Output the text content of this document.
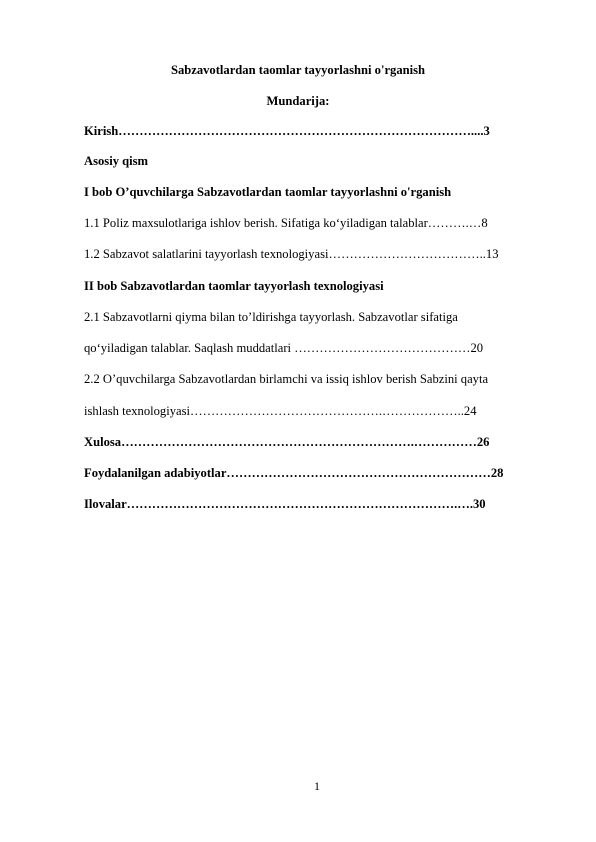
Sabzavotlardan taomlar tayyorlashni o'rganish
Mundarija:
Kirish…………………………………………………………………………....3
Asosiy qism
I bob O’quvchilarga Sabzavotlardan taomlar tayyorlashni o'rganish
1.1 Poliz maxsulotlariga ishlov berish. Sifatiga ko‘yiladigan talablar……….…8
1.2 Sabzavot salatlarini tayyorlash texnologiyasi………………………………..13
II bob Sabzavotlardan taomlar tayyorlash texnologiyasi
2.1 Sabzavotlarni qiyma bilan to’ldirishga tayyorlash. Sabzavotlar sifatiga
qo‘yiladigan talablar. Saqlash muddatlari ……………………………………20
2.2 O’quvchilarga Sabzavotlardan birlamchi va issiq ishlov berish Sabzini qayta
ishlash texnologiyasi……………………………………….………………..24
Xulosa…………………………………………………………….……………26
Foydalanilgan adabiyotlar………………………………………………………28
Ilovalar…………………………………………………………………….….30
1
